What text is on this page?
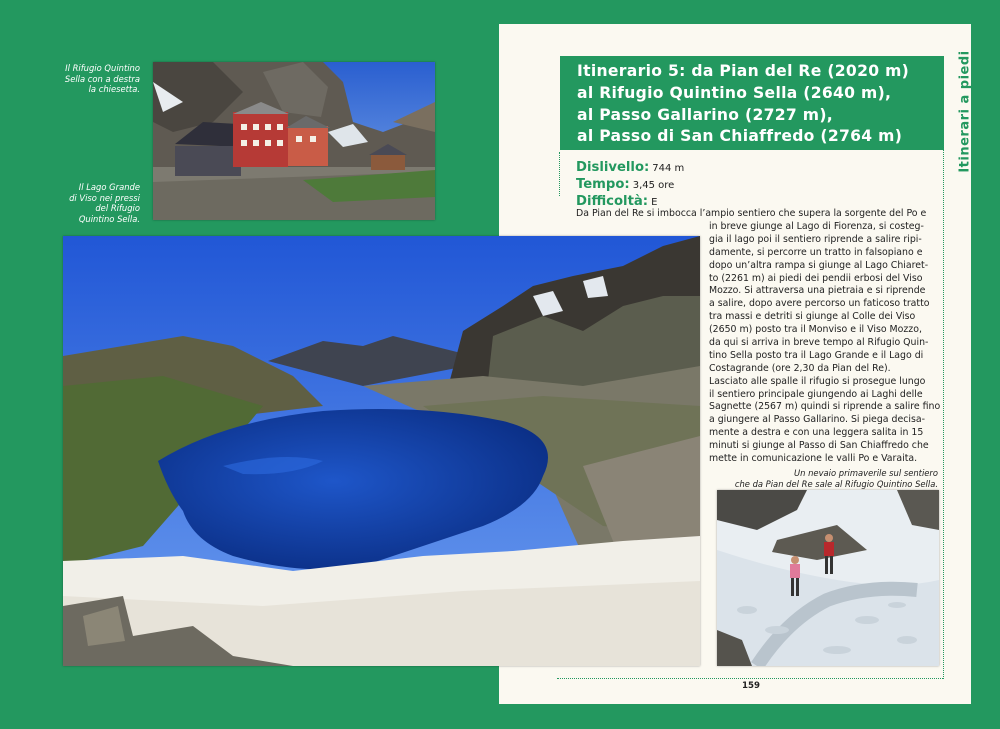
Il Rifugio Quintino
Sella con a destra
la chiesetta.
Il Lago Grande
di Viso nei pressi
del Rifugio
Quintino Sella.
Itinerario 5: da Pian del Re (2020 m)
al Rifugio Quintino Sella (2640 m),
al Passo Gallarino (2727 m),
al Passo di San Chiaffredo (2764 m)	Itinerari a piedi
Dislivello: 744 m
Tempo: 3,45 ore
Difficoltà: E
Da Pian del Re si imbocca l’ampio sentiero che supera la sorgente del Po e
in breve giunge al Lago di Fiorenza, si costeg-
gia il lago poi il sentiero riprende a salire ripi-
damente, si percorre un tratto in falsopiano e
dopo un’altra rampa si giunge al Lago Chiaret-
to (2261 m) ai piedi dei pendii erbosi del Viso
Mozzo. Si attraversa una pietraia e si riprende
a salire, dopo avere percorso un faticoso tratto
tra massi e detriti si giunge al Colle dei Viso
(2650 m) posto tra il Monviso e il Viso Mozzo,
da qui si arriva in breve tempo al Rifugio Quin-
tino Sella posto tra il Lago Grande e il Lago di
Costagrande (ore 2,30 da Pian del Re).
Lasciato alle spalle il rifugio si prosegue lungo
il sentiero principale giungendo ai Laghi delle
Sagnette (2567 m) quindi si riprende a salire fino
a giungere al Passo Gallarino. Si piega decisa-
mente a destra e con una leggera salita in 15
minuti si giunge al Passo di San Chiaffredo che
mette in comunicazione le valli Po e Varaita.
Un nevaio primaverile sul sentiero
che da Pian del Re sale al Rifugio Quintino Sella.
159
